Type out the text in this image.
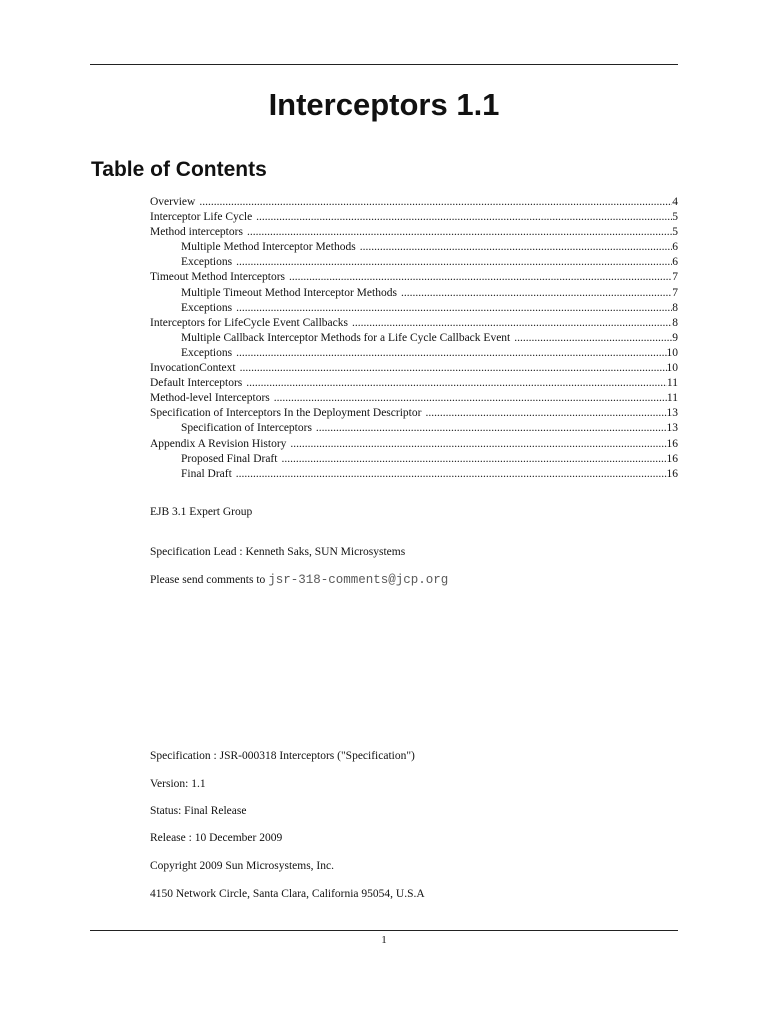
Interceptors 1.1
Table of Contents
Overview .....	4
Interceptor Life Cycle .....	5
Method interceptors .....	5
Multiple Method Interceptor Methods .....	6
Exceptions .....	6
Timeout Method Interceptors .....	7
Multiple Timeout Method Interceptor Methods .....	7
Exceptions .....	8
Interceptors for LifeCycle Event Callbacks .....	8
Multiple Callback Interceptor Methods for a Life Cycle Callback Event .....	9
Exceptions .....	10
InvocationContext .....	10
Default Interceptors .....	11
Method-level Interceptors .....	11
Specification of Interceptors In the Deployment Descriptor .....	13
Specification of Interceptors .....	13
Appendix A Revision History .....	16
Proposed Final Draft .....	16
Final Draft .....	16
EJB 3.1 Expert Group
Specification Lead : Kenneth Saks, SUN Microsystems
Please send comments to jsr-318-comments@jcp.org
Specification : JSR-000318 Interceptors ("Specification")
Version: 1.1
Status: Final Release
Release : 10 December 2009
Copyright 2009 Sun Microsystems, Inc.
4150 Network Circle, Santa Clara, California 95054, U.S.A
1
